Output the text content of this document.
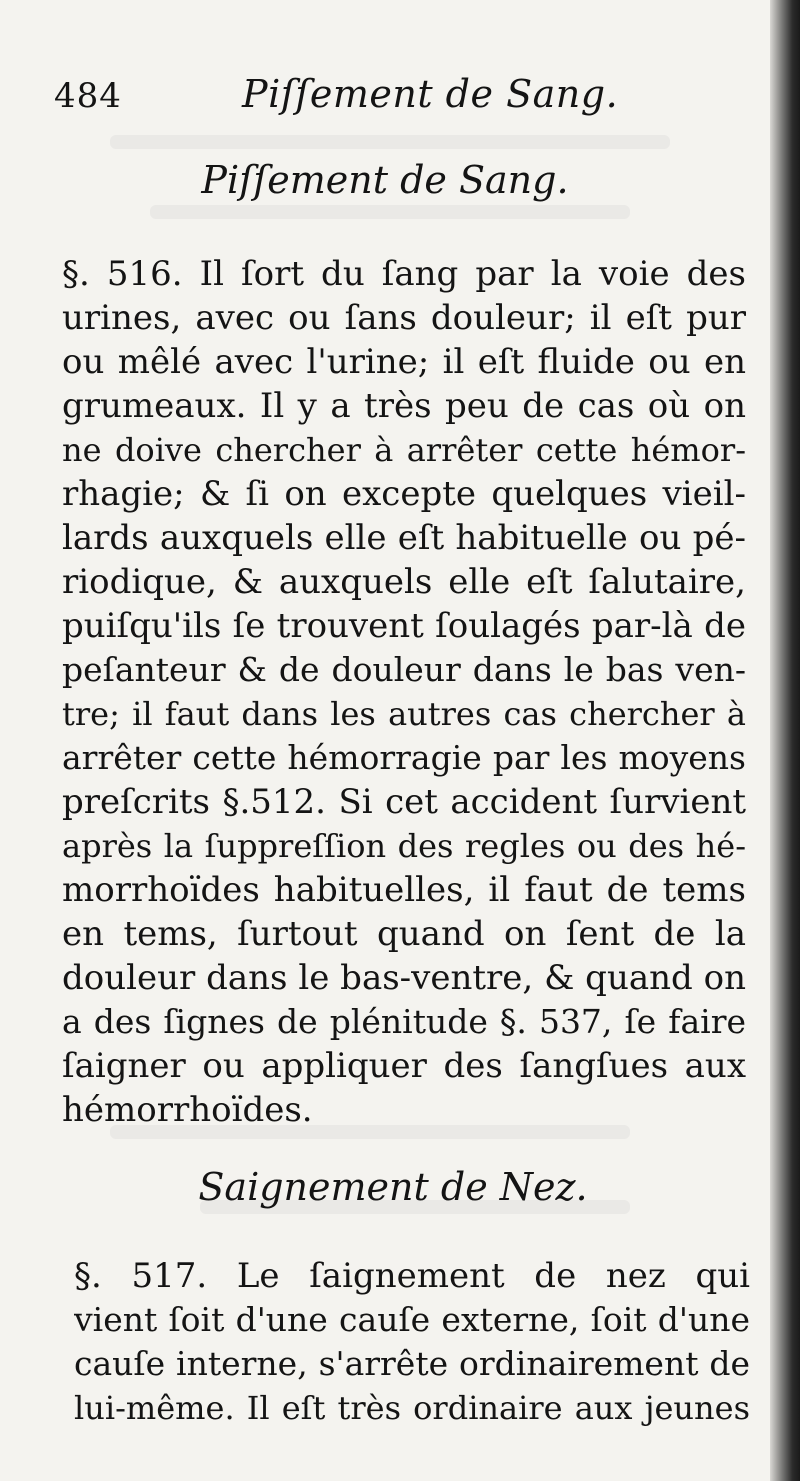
484	Piſſement de Sang.
Piſſement de Sang.
§. 516. Il ſort du ſang par la voie des
urines, avec ou ſans douleur; il eſt pur
ou mêlé avec l'urine; il eſt fluide ou en
grumeaux. Il y a très peu de cas où on
ne doive chercher à arrêter cette hémor-
rhagie; & ſi on excepte quelques vieil-
lards auxquels elle eſt habituelle ou pé-
riodique, & auxquels elle eſt ſalutaire,
puiſqu'ils ſe trouvent ſoulagés par-là de
peſanteur & de douleur dans le bas ven-
tre; il faut dans les autres cas chercher à
arrêter cette hémorragie par les moyens
preſcrits §.512. Si cet accident ſurvient
après la ſuppreſſion des regles ou des hé-
morrhoïdes habituelles, il faut de tems
en tems, ſurtout quand on ſent de la
douleur dans le bas-ventre, & quand on
a des ſignes de plénitude §. 537, ſe faire
ſaigner ou appliquer des ſangſues aux
hémorrhoïdes.
Saignement de Nez.
§. 517. Le ſaignement de nez qui
vient ſoit d'une cauſe externe, ſoit d'une
cauſe interne, s'arrête ordinairement de
lui-même. Il eſt très ordinaire aux jeunes
